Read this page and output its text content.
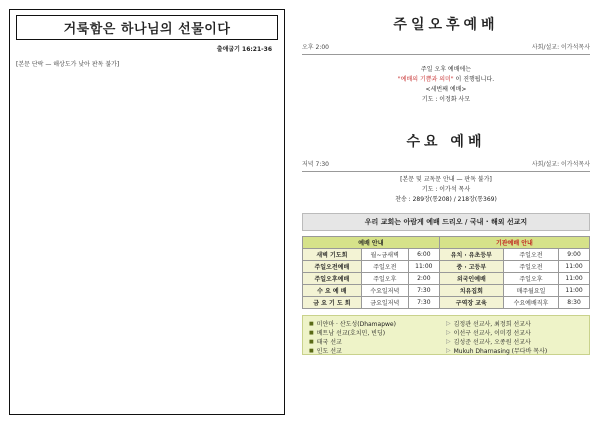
거룩함은 하나님의 선물이다
출애굽기 16:21-36

[본문 단락 — 해상도가 낮아 판독 불가]

주일오후예배
오후 2:00	사회/설교: 이가석목사
주일 오후 예배에는
"예배의 기쁨과 의미" 이 진행됩니다.
<세번째 예배>
기도 : 이정화 사모
수요 예배
저녁 7:30	사회/설교: 이가석목사
[본문 및 교독문 안내 — 판독 불가]
기도 : 이가석 목사
찬송 : 289장(통208) / 218장(통369)
우리 교회는 아람게 예배 드리오 / 국내 · 해외 선교지
예배 안내			기관예배 안내		
새벽 기도회	월~금새벽	6:00	유치 · 유초등부	주일오전	9:00
주일오전예배	주일오전	11:00	중 · 고등부	주일오전	11:00
주일오후예배	주일오후	2:00	외국인예배	주일오후	11:00
수 요 예 배	수요일저녁	7:30	치유집회	매주월요일	11:00
금 요 기 도 회	금요일저녁	7:30	구역장 교육	수요예배직후	8:30
■ 미얀마 · 산도성(Dhamapwe)	▷ 김정관 선교사, 최정희 선교사
■ 베트남 선교(호치민, 빈딩)	▷ 이선구 선교사, 이미경 선교사
■ 태국 선교	▷ 김성준 선교사, 오종원 선교사
■ 인도 선교	▷ Mukuh Dharnasing (무다바 목사)
